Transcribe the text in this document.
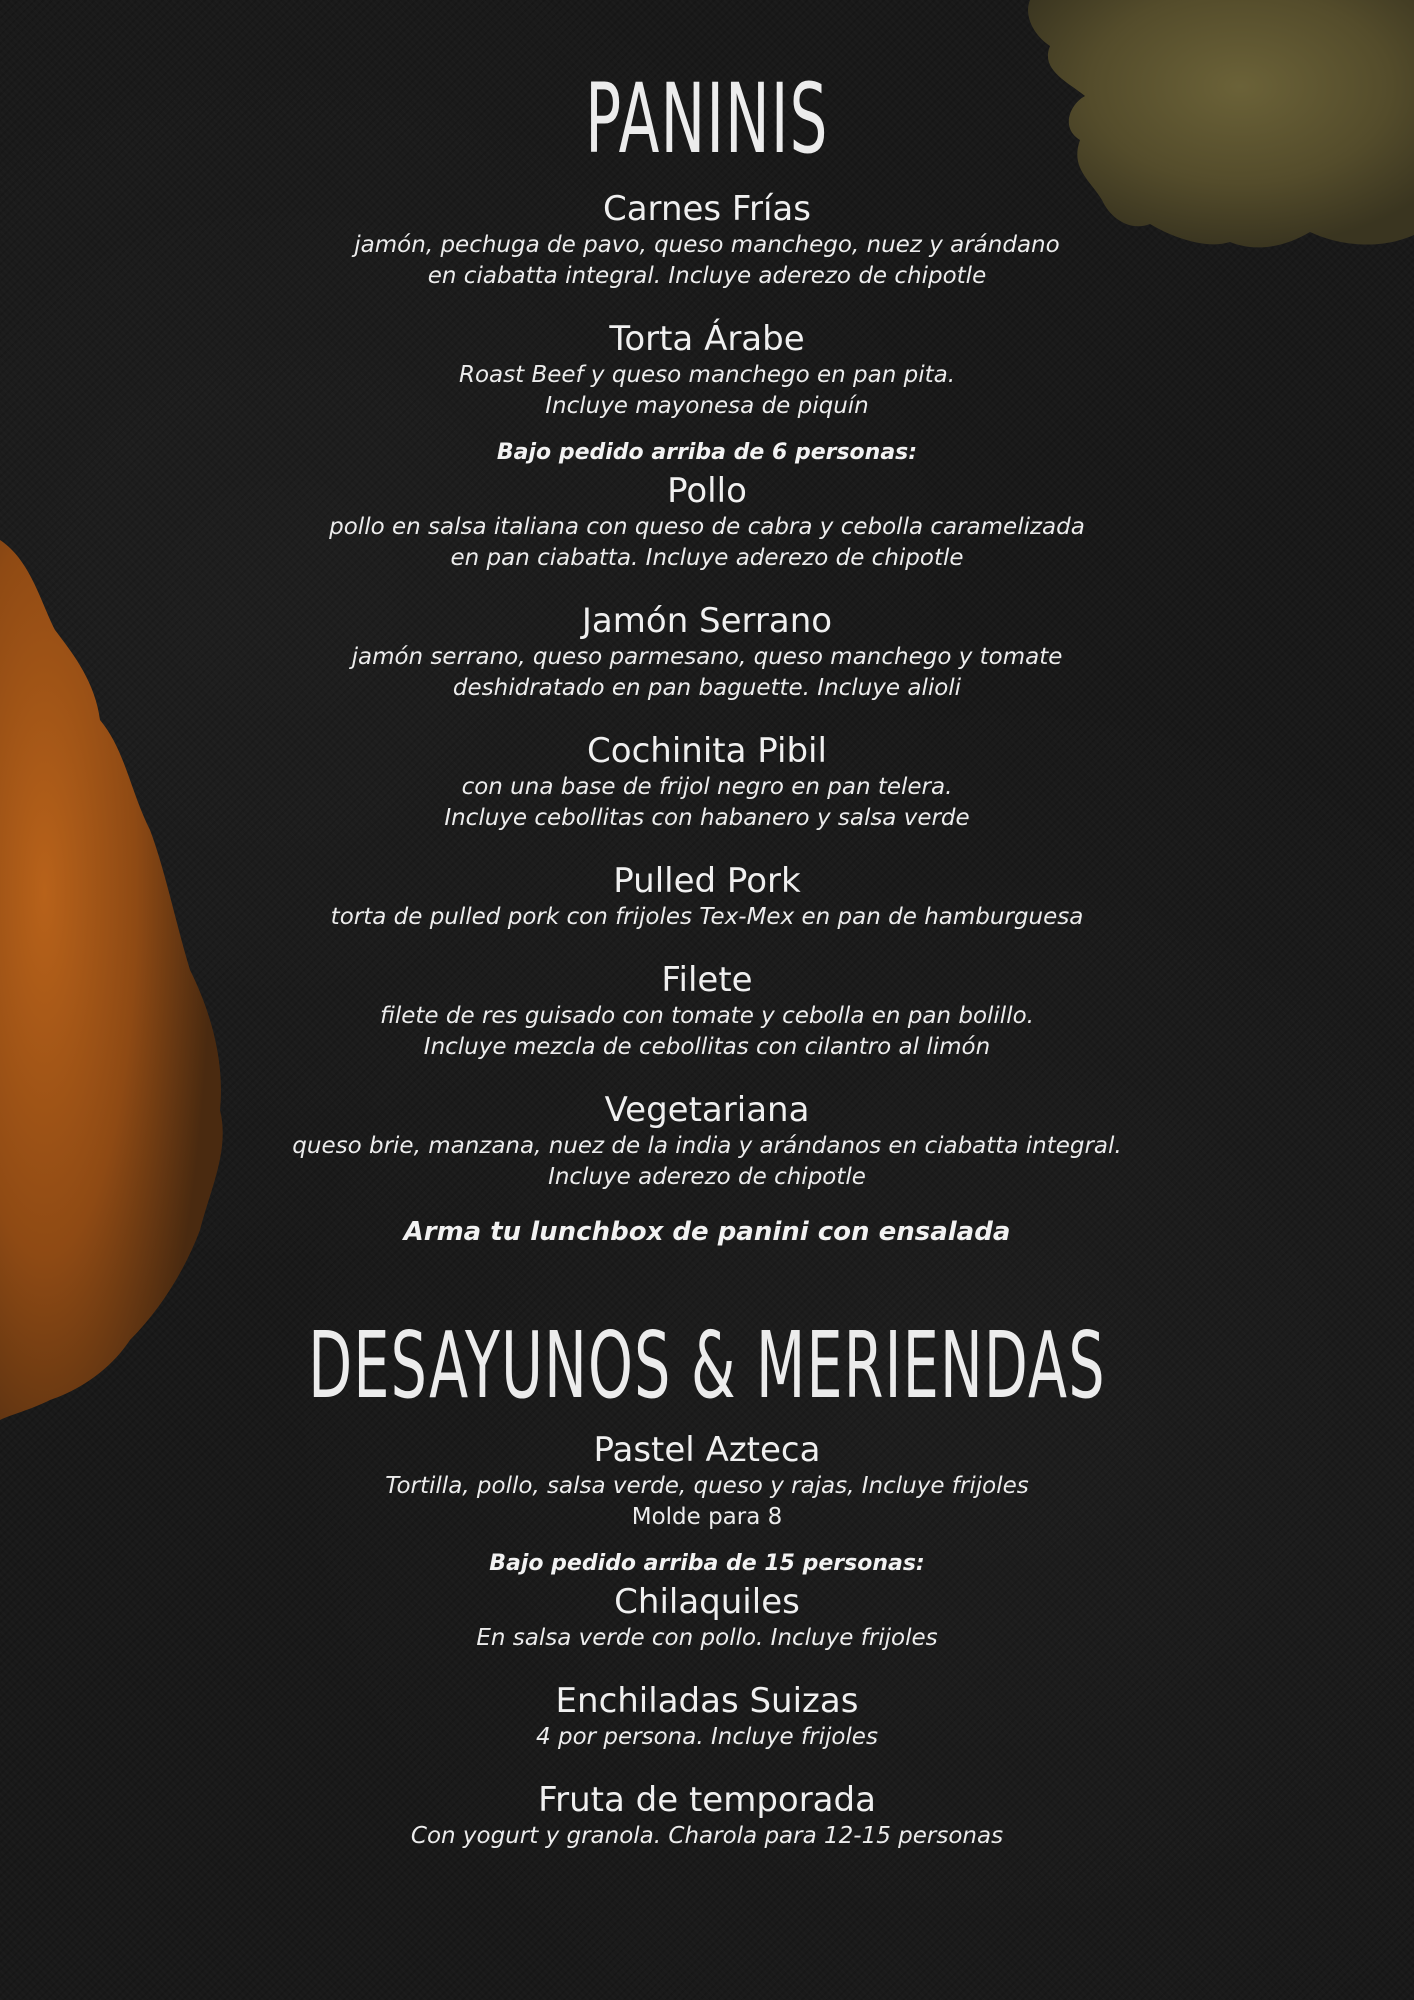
PANINIS
Carnes Frías
jamón, pechuga de pavo, queso manchego, nuez y arándano
en ciabatta integral. Incluye aderezo de chipotle
Torta Árabe
Roast Beef y queso manchego en pan pita.
Incluye mayonesa de piquín
Bajo pedido arriba de 6 personas:
Pollo
pollo en salsa italiana con queso de cabra y cebolla caramelizada
en pan ciabatta. Incluye aderezo de chipotle
Jamón Serrano
jamón serrano, queso parmesano, queso manchego y tomate
deshidratado en pan baguette. Incluye alioli
Cochinita Pibil
con una base de frijol negro en pan telera.
Incluye cebollitas con habanero y salsa verde
Pulled Pork
torta de pulled pork con frijoles Tex-Mex en pan de hamburguesa
Filete
filete de res guisado con tomate y cebolla en pan bolillo.
Incluye mezcla de cebollitas con cilantro al limón
Vegetariana
queso brie, manzana, nuez de la india y arándanos en ciabatta integral.
Incluye aderezo de chipotle
Arma tu lunchbox de panini con ensalada
DESAYUNOS & MERIENDAS
Pastel Azteca
Tortilla, pollo, salsa verde, queso y rajas, Incluye frijoles
Molde para 8
Bajo pedido arriba de 15 personas:
Chilaquiles
En salsa verde con pollo. Incluye frijoles
Enchiladas Suizas
4 por persona. Incluye frijoles
Fruta de temporada
Con yogurt y granola. Charola para 12-15 personas
